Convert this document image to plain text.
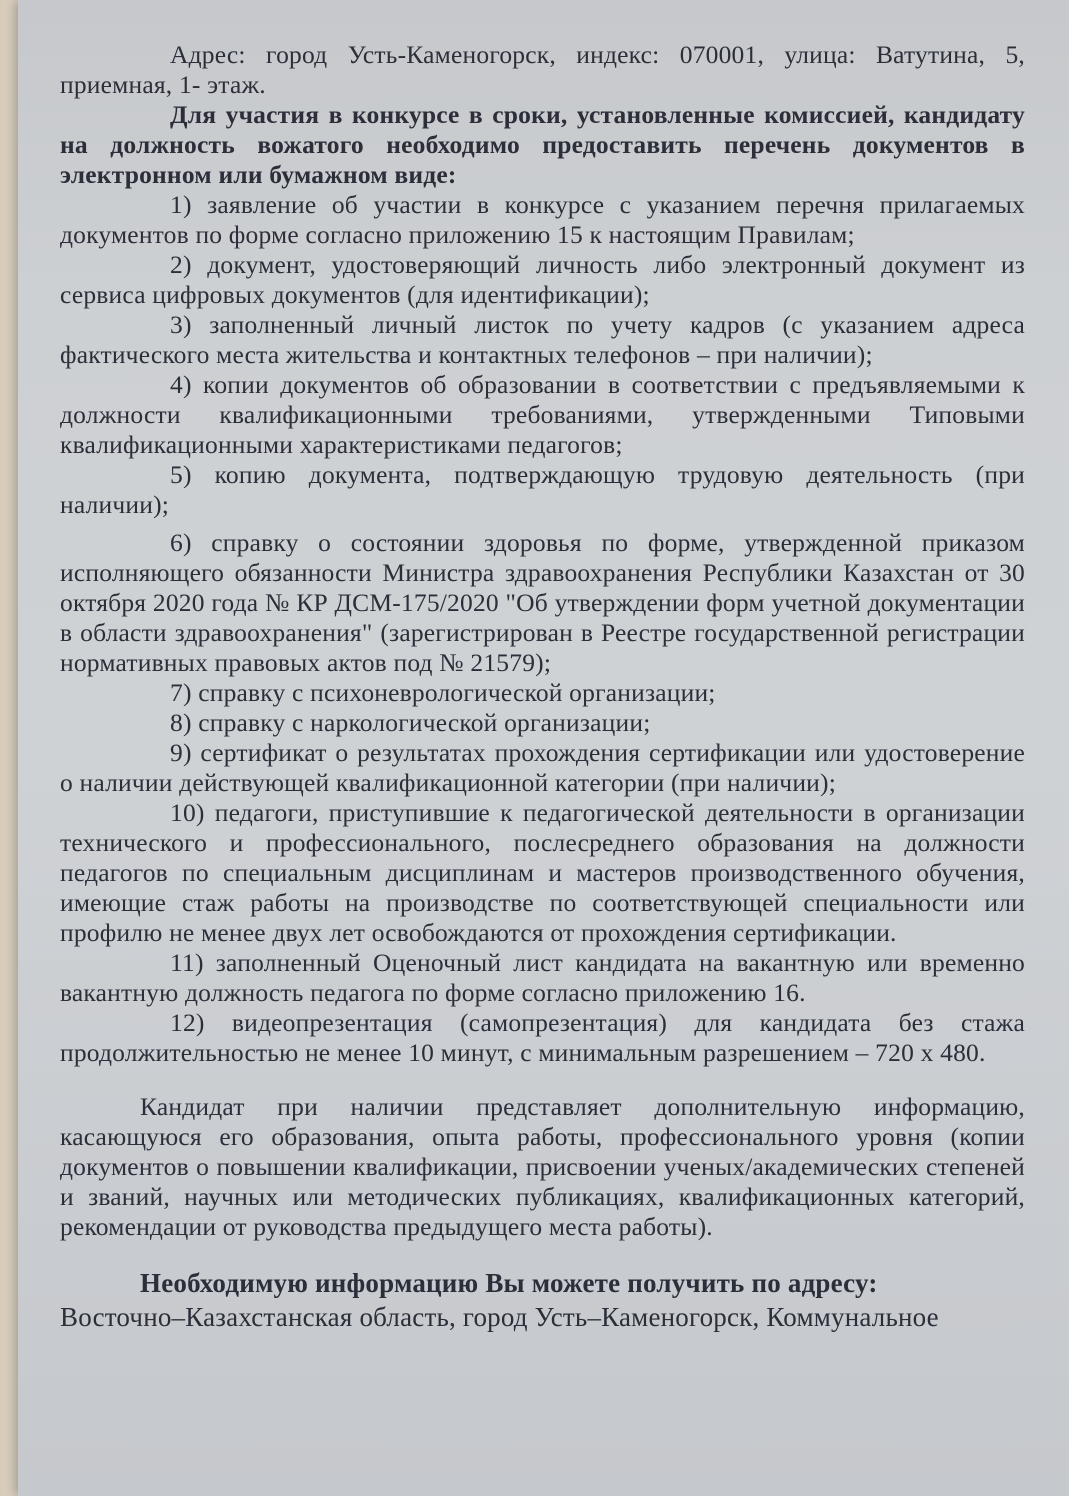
Адрес: город Усть-Каменогорск, индекс: 070001, улица: Ватутина, 5, приемная, 1- этаж.

Для участия в конкурсе в сроки, установленные комиссией, кандидату на должность вожатого необходимо предоставить перечень документов в электронном или бумажном виде:

1) заявление об участии в конкурсе с указанием перечня прилагаемых документов по форме согласно приложению 15 к настоящим Правилам;

2) документ, удостоверяющий личность либо электронный документ из сервиса цифровых документов (для идентификации);

3) заполненный личный листок по учету кадров (с указанием адреса фактического места жительства и контактных телефонов – при наличии);

4) копии документов об образовании в соответствии с предъявляемыми к должности квалификационными требованиями, утвержденными Типовыми квалификационными характеристиками педагогов;

5) копию документа, подтверждающую трудовую деятельность (при наличии);

6) справку о состоянии здоровья по форме, утвержденной приказом исполняющего обязанности Министра здравоохранения Республики Казахстан от 30 октября 2020 года № КР ДСМ-175/2020 "Об утверждении форм учетной документации в области здравоохранения" (зарегистрирован в Реестре государственной регистрации нормативных правовых актов под № 21579);

7) справку с психоневрологической организации;

8) справку с наркологической организации;

9) сертификат о результатах прохождения сертификации или удостоверение о наличии действующей квалификационной категории (при наличии);

10) педагоги, приступившие к педагогической деятельности в организации технического и профессионального, послесреднего образования на должности педагогов по специальным дисциплинам и мастеров производственного обучения, имеющие стаж работы на производстве по соответствующей специальности или профилю не менее двух лет освобождаются от прохождения сертификации.

11) заполненный Оценочный лист кандидата на вакантную или временно вакантную должность педагога по форме согласно приложению 16.

12) видеопрезентация (самопрезентация) для кандидата без стажа продолжительностью не менее 10 минут, с минимальным разрешением – 720 x 480.

Кандидат при наличии представляет дополнительную информацию, касающуюся его образования, опыта работы, профессионального уровня (копии документов о повышении квалификации, присвоении ученых/академических степеней и званий, научных или методических публикациях, квалификационных категорий, рекомендации от руководства предыдущего места работы).

Необходимую информацию Вы можете получить по адресу:

Восточно–Казахстанская область, город Усть–Каменогорск, Коммунальное
